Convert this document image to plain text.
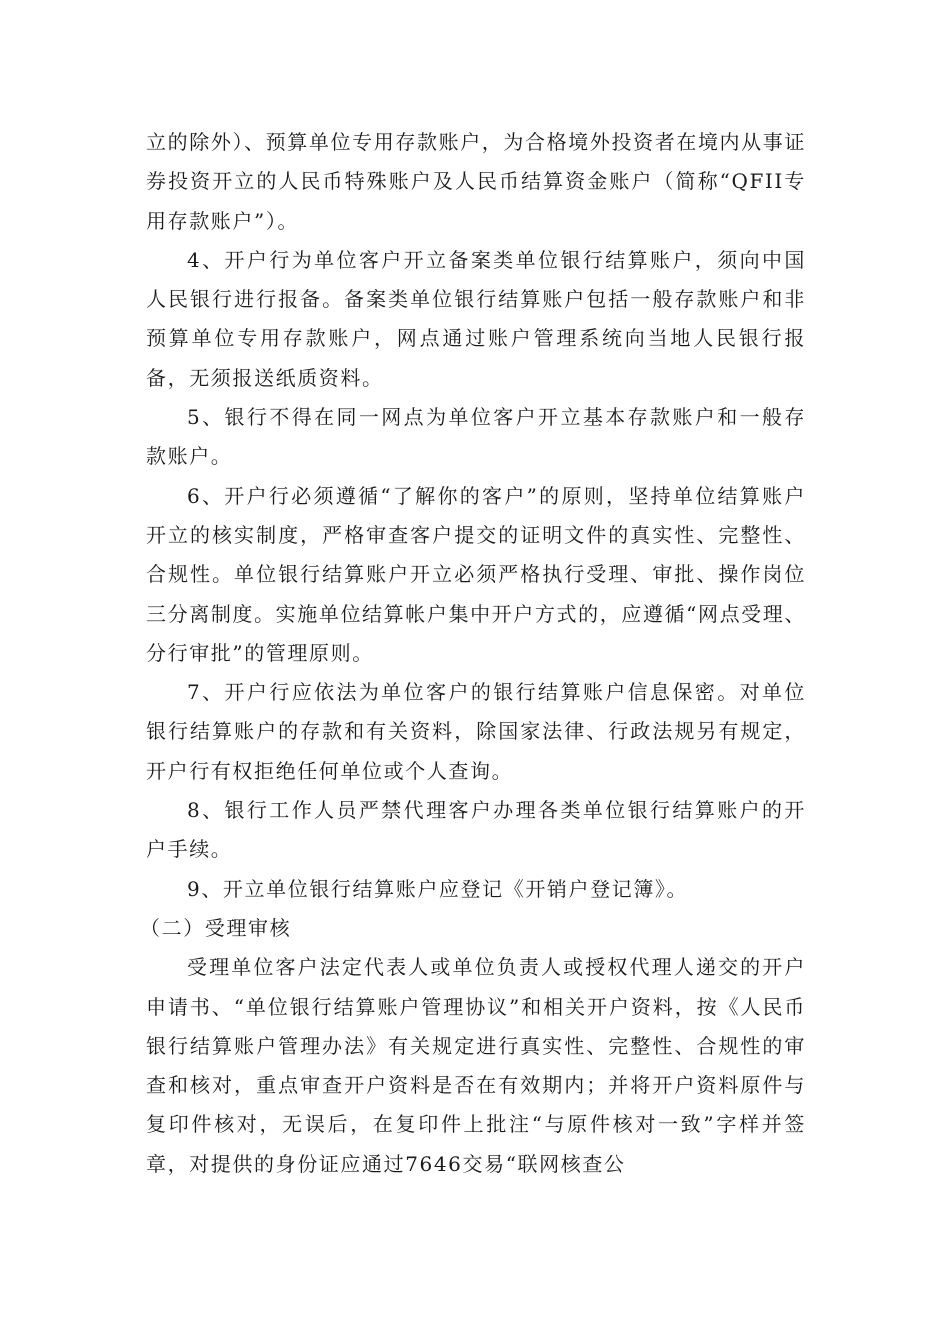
立的除外）、预算单位专用存款账户，为合格境外投资者在境内从事证券投资开立的人民币特殊账户及人民币结算资金账户（简称“QFII专用存款账户”）。

4、开户行为单位客户开立备案类单位银行结算账户，须向中国人民银行进行报备。备案类单位银行结算账户包括一般存款账户和非预算单位专用存款账户，网点通过账户管理系统向当地人民银行报备，无须报送纸质资料。

5、银行不得在同一网点为单位客户开立基本存款账户和一般存款账户。

6、开户行必须遵循“了解你的客户”的原则，坚持单位结算账户开立的核实制度，严格审查客户提交的证明文件的真实性、完整性、合规性。单位银行结算账户开立必须严格执行受理、审批、操作岗位三分离制度。实施单位结算帐户集中开户方式的，应遵循“网点受理、分行审批”的管理原则。

7、开户行应依法为单位客户的银行结算账户信息保密。对单位银行结算账户的存款和有关资料，除国家法律、行政法规另有规定，开户行有权拒绝任何单位或个人查询。

8、银行工作人员严禁代理客户办理各类单位银行结算账户的开户手续。

9、开立单位银行结算账户应登记《开销户登记簿》。

（二）受理审核

受理单位客户法定代表人或单位负责人或授权代理人递交的开户申请书、“单位银行结算账户管理协议”和相关开户资料，按《人民币银行结算账户管理办法》有关规定进行真实性、完整性、合规性的审查和核对，重点审查开户资料是否在有效期内；并将开户资料原件与复印件核对，无误后，在复印件上批注“与原件核对一致”字样并签章，对提供的身份证应通过7646交易“联网核查公
